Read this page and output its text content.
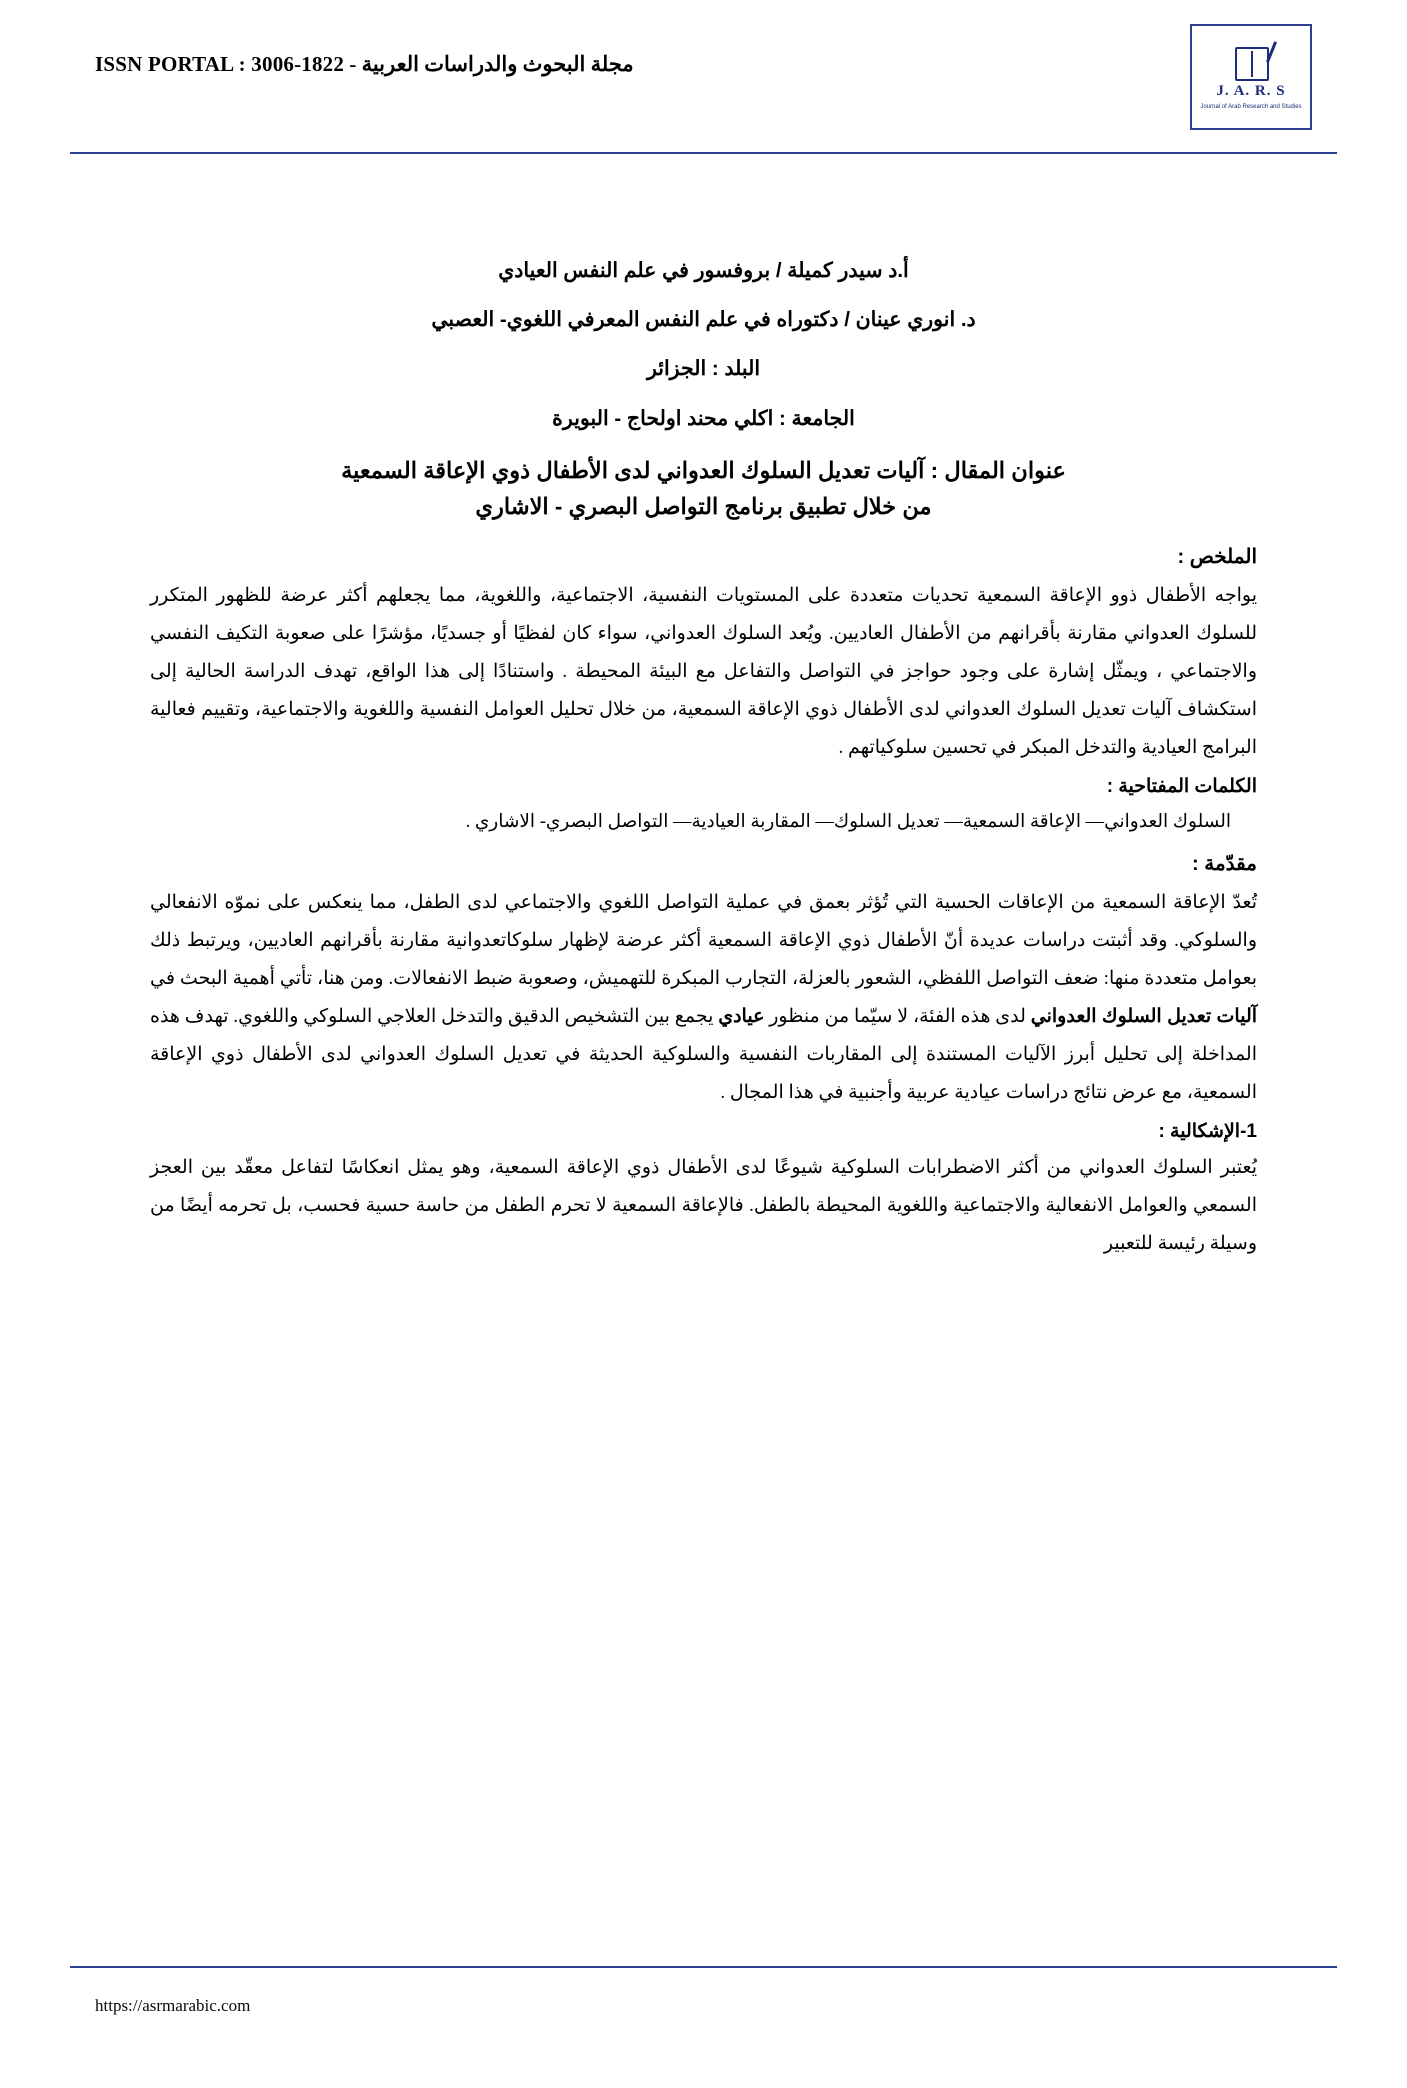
مجلة البحوث والدراسات العربية - ISSN PORTAL : 3006-1822
J. A. R. S
Journal of Arab Research and Studies
أ.د سيدر كميلة / بروفسور في علم النفس العيادي
د. انوري عينان / دكتوراه في علم النفس المعرفي اللغوي- العصبي
البلد : الجزائر
الجامعة : اكلي محند اولحاج - البويرة
عنوان المقال : آليات تعديل السلوك العدواني لدى الأطفال ذوي الإعاقة السمعية
من خلال تطبيق برنامج التواصل البصري - الاشاري
الملخص :

يواجه الأطفال ذوو الإعاقة السمعية تحديات متعددة على المستويات النفسية، الاجتماعية، واللغوية، مما يجعلهم أكثر عرضة للظهور المتكرر للسلوك العدواني مقارنة بأقرانهم من الأطفال العاديين. ويُعد السلوك العدواني، سواء كان لفظيًا أو جسديًا، مؤشرًا على صعوبة التكيف النفسي والاجتماعي ، ويمثّل إشارة على وجود حواجز في التواصل والتفاعل مع البيئة المحيطة . واستنادًا إلى هذا الواقع، تهدف الدراسة الحالية إلى استكشاف آليات تعديل السلوك العدواني لدى الأطفال ذوي الإعاقة السمعية، من خلال تحليل العوامل النفسية واللغوية والاجتماعية، وتقييم فعالية البرامج العيادية والتدخل المبكر في تحسين سلوكياتهم .

الكلمات المفتاحية :
السلوك العدواني— الإعاقة السمعية— تعديل السلوك— المقاربة العيادية— التواصل البصري- الاشاري .
مقدّمة :

تُعدّ الإعاقة السمعية من الإعاقات الحسية التي تُؤثر بعمق في عملية التواصل اللغوي والاجتماعي لدى الطفل، مما ينعكس على نموّه الانفعالي والسلوكي. وقد أثبتت دراسات عديدة أنّ الأطفال ذوي الإعاقة السمعية أكثر عرضة لإظهار سلوكاتعدوانية مقارنة بأقرانهم العاديين، ويرتبط ذلك بعوامل متعددة منها: ضعف التواصل اللفظي، الشعور بالعزلة، التجارب المبكرة للتهميش، وصعوبة ضبط الانفعالات. ومن هنا، تأتي أهمية البحث في آليات تعديل السلوك العدواني لدى هذه الفئة، لا سيّما من منظور عيادي يجمع بين التشخيص الدقيق والتدخل العلاجي السلوكي واللغوي. تهدف هذه المداخلة إلى تحليل أبرز الآليات المستندة إلى المقاربات النفسية والسلوكية الحديثة في تعديل السلوك العدواني لدى الأطفال ذوي الإعاقة السمعية، مع عرض نتائج دراسات عيادية عربية وأجنبية في هذا المجال .

1-الإشكالية :

يُعتبر السلوك العدواني من أكثر الاضطرابات السلوكية شيوعًا لدى الأطفال ذوي الإعاقة السمعية، وهو يمثل انعكاسًا لتفاعل معقّد بين العجز السمعي والعوامل الانفعالية والاجتماعية واللغوية المحيطة بالطفل. فالإعاقة السمعية لا تحرم الطفل من حاسة حسية فحسب، بل تحرمه أيضًا من وسيلة رئيسة للتعبير

https://asrmarabic.com
